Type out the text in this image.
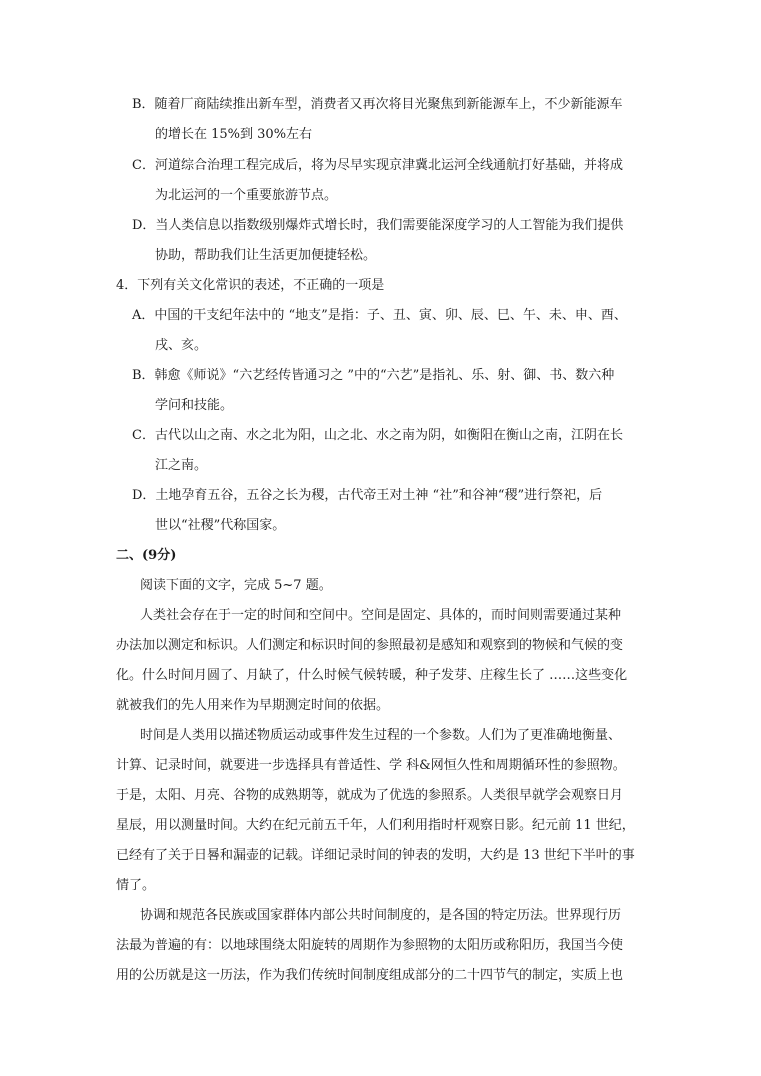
B．随着厂商陆续推出新车型，消费者又再次将目光聚焦到新能源车上，不少新能源车
的增长在 15%到 30%左右
C．河道综合治理工程完成后，将为尽早实现京津冀北运河全线通航打好基础，并将成
为北运河的一个重要旅游节点。
D．当人类信息以指数级别爆炸式增长时，我们需要能深度学习的人工智能为我们提供
协助，帮助我们让生活更加便捷轻松。
4．下列有关文化常识的表述，不正确的一项是
A．中国的干支纪年法中的 “地支”是指：子、丑、寅、卯、辰、巳、午、未、申、酉、
戌、亥。
B．韩愈《师说》“六艺经传皆通习之 ”中的“六艺”是指礼、乐、射、御、书、数六种
学问和技能。
C．古代以山之南、水之北为阳，山之北、水之南为阴，如衡阳在衡山之南，江阴在长
江之南。
D．土地孕育五谷，五谷之长为稷，古代帝王对土神 “社”和谷神“稷”进行祭祀，后
世以“社稷”代称国家。
二、(9分)
阅读下面的文字，完成 5~7 题。
人类社会存在于一定的时间和空间中。空间是固定、具体的，而时间则需要通过某种
办法加以测定和标识。人们测定和标识时间的参照最初是感知和观察到的物候和气候的变
化。什么时间月圆了、月缺了，什么时候气候转暖，种子发芽、庄稼生长了 ……这些变化
就被我们的先人用来作为早期测定时间的依据。
时间是人类用以描述物质运动或事件发生过程的一个参数。人们为了更准确地衡量、
计算、记录时间，就要进一步选择具有普适性、学 科&网恒久性和周期循环性的参照物。
于是，太阳、月亮、谷物的成熟期等，就成为了优选的参照系。人类很早就学会观察日月
星辰，用以测量时间。大约在纪元前五千年，人们利用指时杆观察日影。纪元前 11 世纪，
已经有了关于日晷和漏壶的记载。详细记录时间的钟表的发明，大约是 13 世纪下半叶的事
情了。
协调和规范各民族或国家群体内部公共时间制度的，是各国的特定历法。世界现行历
法最为普遍的有：以地球围绕太阳旋转的周期作为参照物的太阳历或称阳历，我国当今使
用的公历就是这一历法，作为我们传统时间制度组成部分的二十四节气的制定，实质上也
